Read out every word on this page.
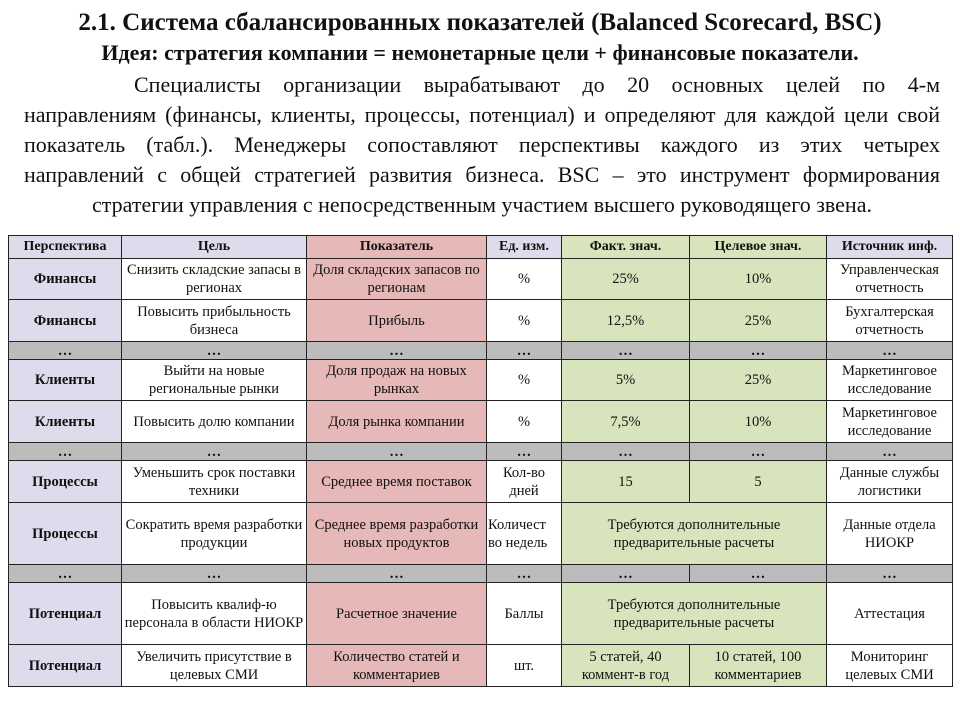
2.1. Система сбалансированных показателей (Balanced Scorecard, BSC)
Идея: стратегия компании = немонетарные цели + финансовые показатели.
Специалисты организации вырабатывают до 20 основных целей по 4-м направлениям (финансы, клиенты, процессы, потенциал) и определяют для каждой цели свой показатель (табл.). Менеджеры сопоставляют перспективы каждого из этих четырех направлений с общей стратегией развития бизнеса. BSC – это инструмент формирования стратегии управления с непосредственным участием высшего руководящего звена.
Перспектива	Цель	Показатель	Ед. изм.	Факт. знач.	Целевое знач.	Источник инф.
Финансы	Снизить складские запасы в регионах	Доля складских запасов по регионам	%	25%	10%	Управленческая отчетность
Финансы	Повысить прибыльность бизнеса	Прибыль	%	12,5%	25%	Бухгалтерская отчетность
…	…	…	…	…	…	…
Клиенты	Выйти на новые региональные рынки	Доля продаж на новых рынках	%	5%	25%	Маркетинговое исследование
Клиенты	Повысить долю компании	Доля рынка компании	%	7,5%	10%	Маркетинговое исследование
…	…	…	…	…	…	…
Процессы	Уменьшить срок поставки техники	Среднее время поставок	Кол-во дней	15	5	Данные службы логистики
Процессы	Сократить время разработки продукции	Среднее время разработки новых продуктов	Количест во недель	Требуются дополнительные предварительные расчеты		Данные отдела НИОКР
…	…	…	…	…	…	…
Потенциал	Повысить квалиф-ю персонала в области НИОКР	Расчетное значение	Баллы	Требуются дополнительные предварительные расчеты		Аттестация
Потенциал	Увеличить присутствие в целевых СМИ	Количество статей и комментариев	шт.	5 статей, 40 коммент-в год	10 статей, 100 комментариев	Мониторинг целевых СМИ
